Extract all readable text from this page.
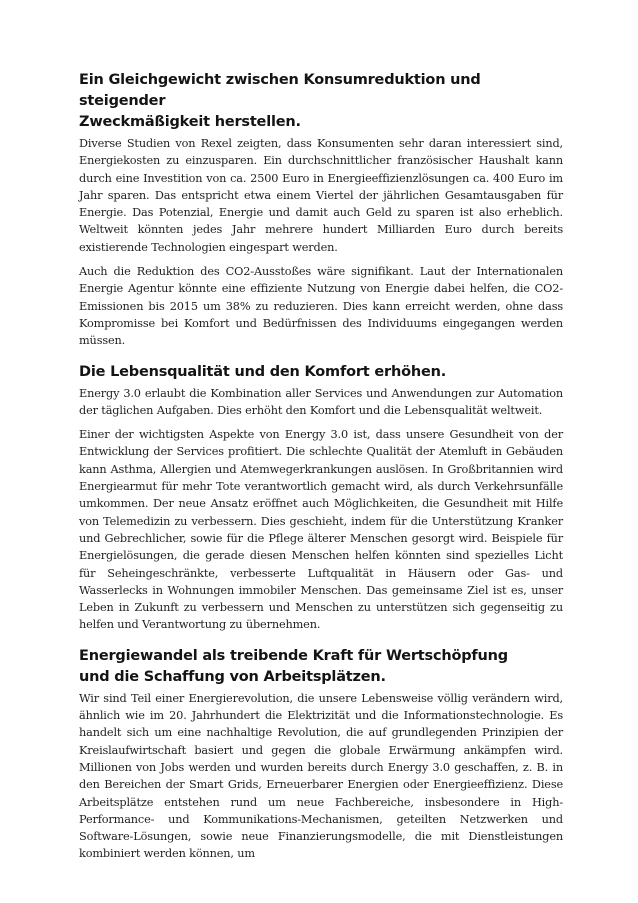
Ein Gleichgewicht zwischen Konsumreduktion und steigender
Zweckmäßigkeit herstellen.

Diverse Studien von Rexel zeigten, dass Konsumenten sehr daran interessiert sind, Energiekosten zu einzusparen. Ein durchschnittlicher französischer Haushalt kann durch eine Investition von ca. 2500 Euro in Energieeffizienzlösungen ca. 400 Euro im Jahr sparen. Das entspricht etwa einem Viertel der jährlichen Gesamtausgaben für Energie. Das Potenzial, Energie und damit auch Geld zu sparen ist also erheblich. Weltweit könnten jedes Jahr mehrere hundert Milliarden Euro durch bereits existierende Technologien eingespart werden.

Auch die Reduktion des CO2-Ausstoßes wäre signifikant. Laut der Internationalen Energie Agentur könnte eine effiziente Nutzung von Energie dabei helfen, die CO2-Emissionen bis 2015 um 38% zu reduzieren. Dies kann erreicht werden, ohne dass Kompromisse bei Komfort und Bedürfnissen des Individuums eingegangen werden müssen.

Die Lebensqualität und den Komfort erhöhen.

Energy 3.0 erlaubt die Kombination aller Services und Anwendungen zur Automation der täglichen Aufgaben. Dies erhöht den Komfort und die Lebensqualität weltweit.

Einer der wichtigsten Aspekte von Energy 3.0 ist, dass unsere Gesundheit von der Entwicklung der Services profitiert. Die schlechte Qualität der Atemluft in Gebäuden kann Asthma, Allergien und Atemwegerkrankungen auslösen. In Großbritannien wird Energiearmut für mehr Tote verantwortlich gemacht wird, als durch Verkehrsunfälle umkommen. Der neue Ansatz eröffnet auch Möglichkeiten, die Gesundheit mit Hilfe von Telemedizin zu verbessern. Dies geschieht, indem für die Unterstützung Kranker und Gebrechlicher, sowie für die Pflege älterer Menschen gesorgt wird. Beispiele für Energielösungen, die gerade diesen Menschen helfen könnten sind spezielles Licht für Seheingeschränkte, verbesserte Luftqualität in Häusern oder Gas- und Wasserlecks in Wohnungen immobiler Menschen. Das gemeinsame Ziel ist es, unser Leben in Zukunft zu verbessern und Menschen zu unterstützen sich gegenseitig zu helfen und Verantwortung zu übernehmen.

Energiewandel als treibende Kraft für Wertschöpfung
und die Schaffung von Arbeitsplätzen.

Wir sind Teil einer Energierevolution, die unsere Lebensweise völlig verändern wird, ähnlich wie im 20. Jahrhundert die Elektrizität und die Informationstechnologie. Es handelt sich um eine nachhaltige Revolution, die auf grundlegenden Prinzipien der Kreislaufwirtschaft basiert und gegen die globale Erwärmung ankämpfen wird. Millionen von Jobs werden und wurden bereits durch Energy 3.0 geschaffen, z. B. in den Bereichen der Smart Grids, Erneuerbarer Energien oder Energieeffizienz. Diese Arbeitsplätze entstehen rund um neue Fachbereiche, insbesondere in High-Performance- und Kommunikations-Mechanismen, geteilten Netzwerken und Software-Lösungen, sowie neue Finanzierungsmodelle, die mit Dienstleistungen kombiniert werden können, um
